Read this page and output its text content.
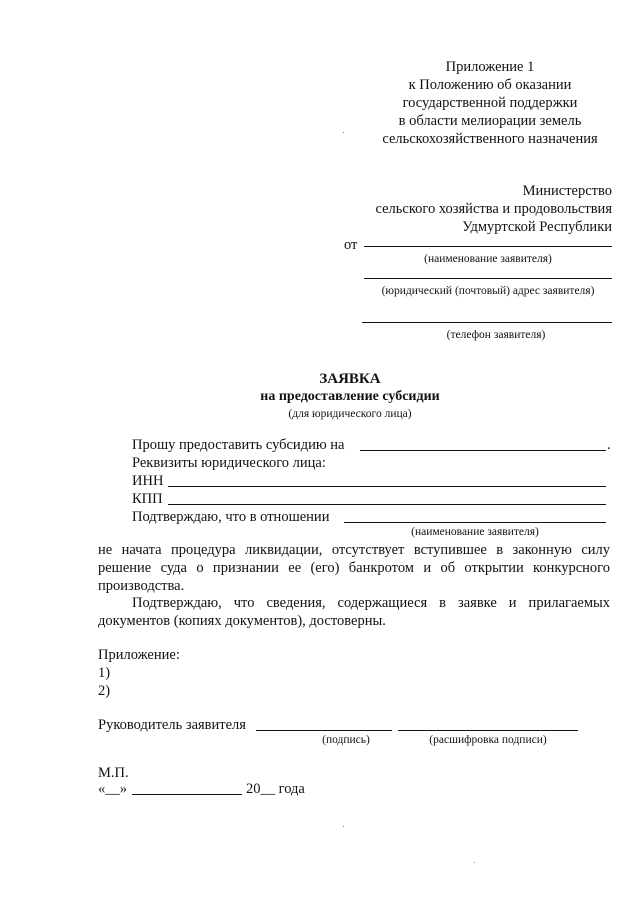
Приложение 1
к Положению об оказании
государственной поддержки
в области мелиорации земель
сельскохозяйственного назначения
Министерство
сельского хозяйства и продовольствия
Удмуртской Республики
от
(наименование заявителя)
(юридический (почтовый) адрес заявителя)
(телефон заявителя)
ЗАЯВКА
на предоставление субсидии
(для юридического лица)
Прошу предоставить субсидию на	.
Реквизиты юридического лица:
ИНН
КПП
Подтверждаю, что в отношении
(наименование заявителя)
не начата процедура ликвидации, отсутствует вступившее в законную силу
решение суда о признании ее (его) банкротом и об открытии конкурсного
производства.
Подтверждаю, что сведения, содержащиеся в заявке и прилагаемых
документов (копиях документов), достоверны.
Приложение:
1)
2)
Руководитель заявителя
(подпись)	(расшифровка подписи)
М.П.
«__»	20__ года
